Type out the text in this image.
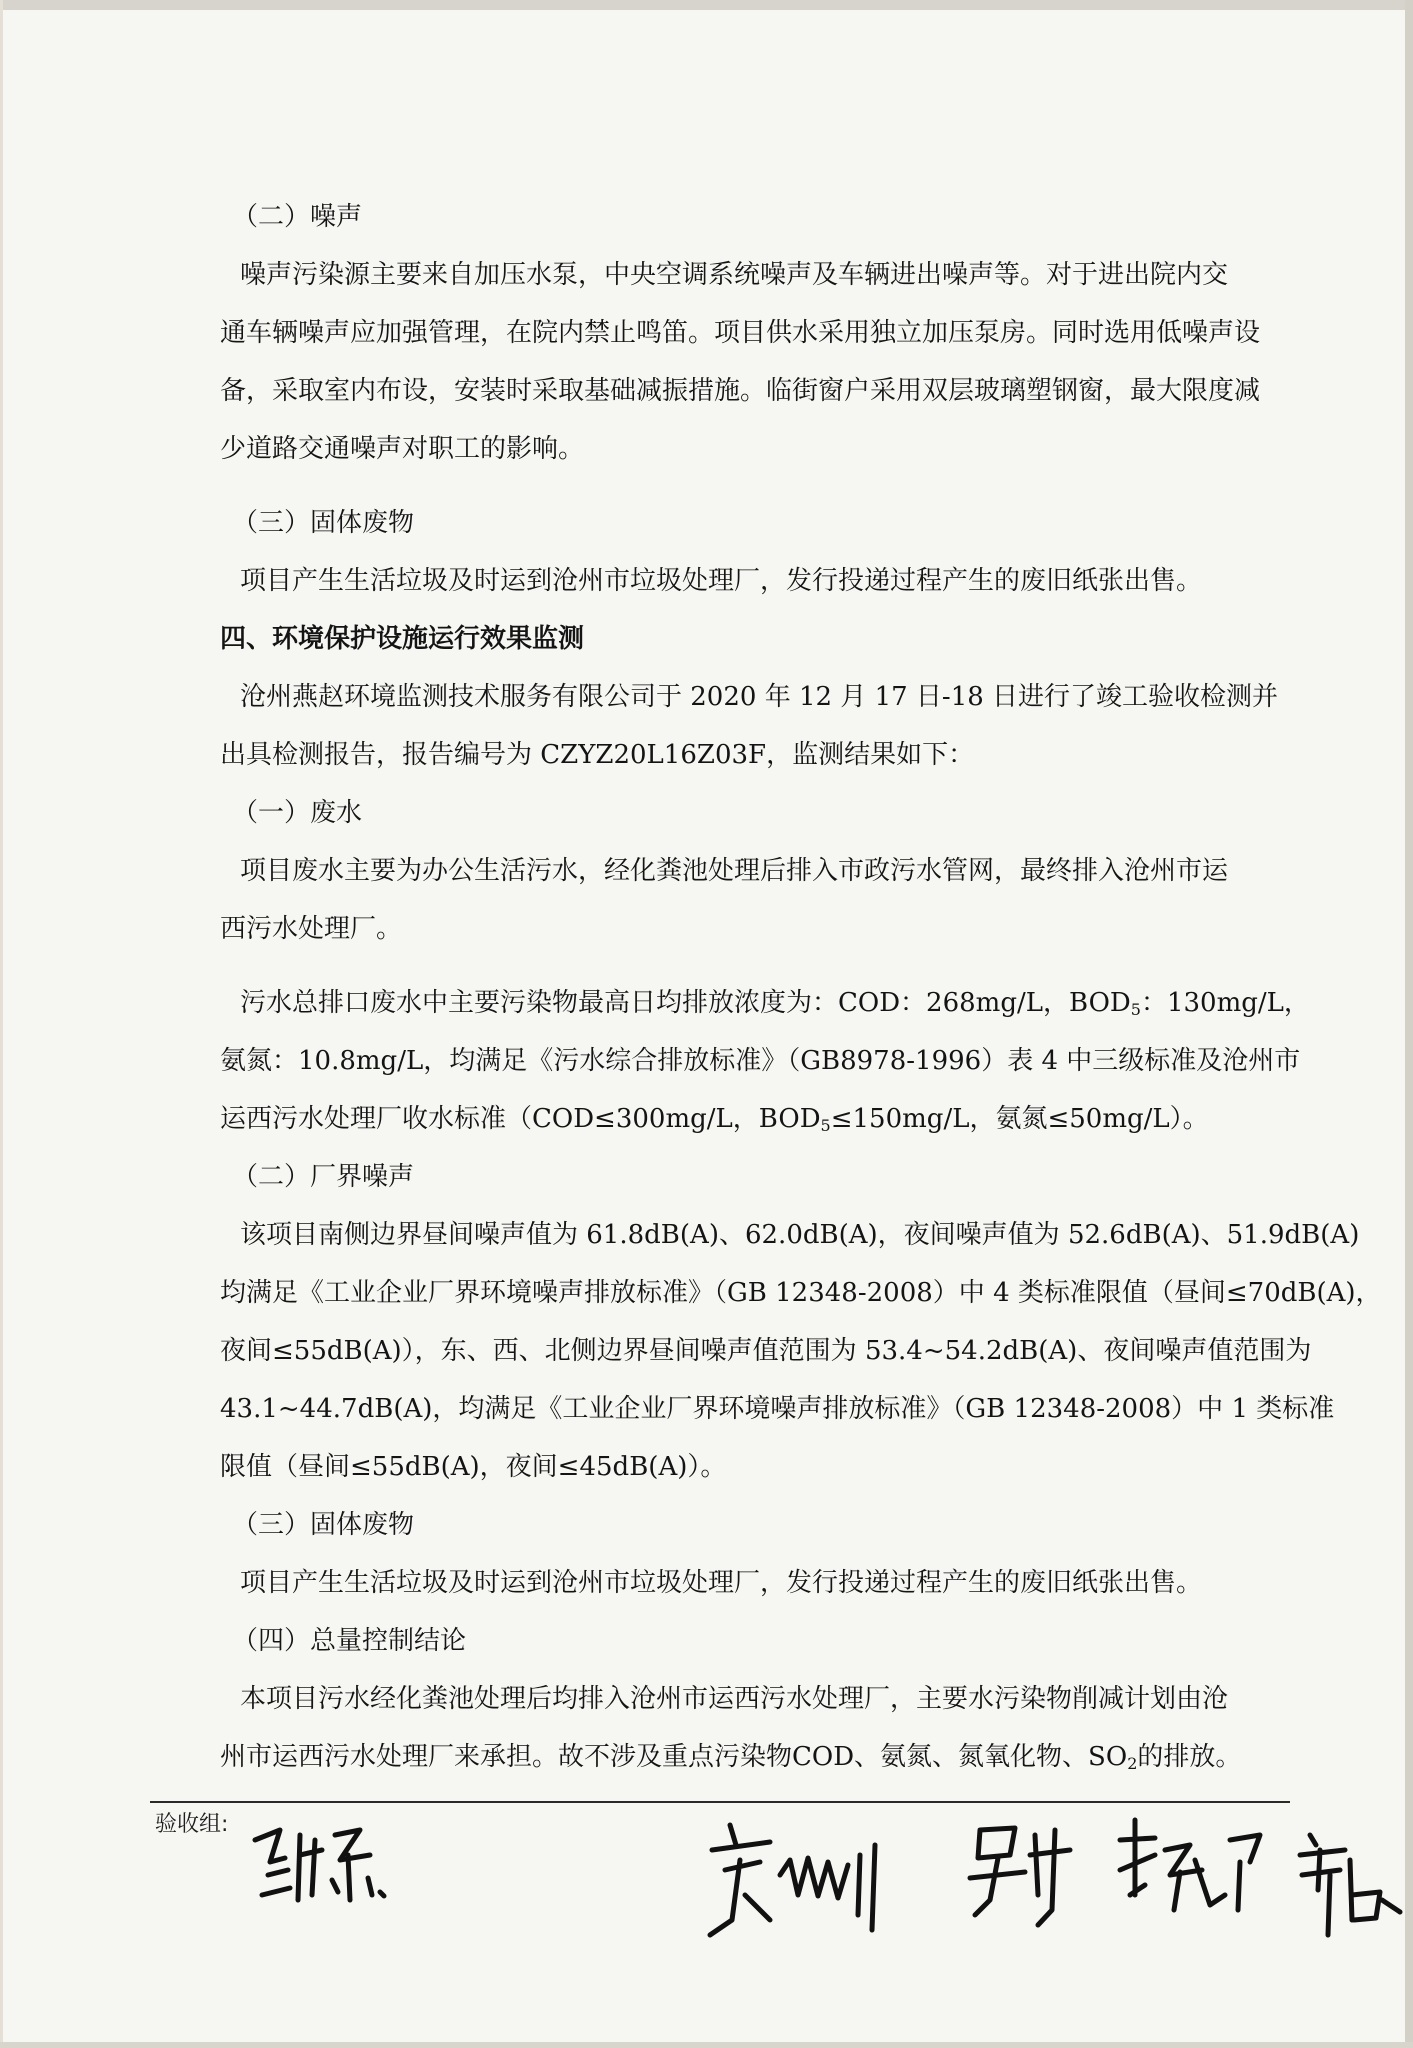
（二）噪声
噪声污染源主要来自加压水泵，中央空调系统噪声及车辆进出噪声等。对于进出院内交
通车辆噪声应加强管理，在院内禁止鸣笛。项目供水采用独立加压泵房。同时选用低噪声设
备，采取室内布设，安装时采取基础减振措施。临街窗户采用双层玻璃塑钢窗，最大限度减
少道路交通噪声对职工的影响。
（三）固体废物
项目产生生活垃圾及时运到沧州市垃圾处理厂，发行投递过程产生的废旧纸张出售。
四、环境保护设施运行效果监测
沧州燕赵环境监测技术服务有限公司于 2020 年 12 月 17 日-18 日进行了竣工验收检测并
出具检测报告，报告编号为 CZYZ20L16Z03F，监测结果如下：
（一）废水
项目废水主要为办公生活污水，经化粪池处理后排入市政污水管网，最终排入沧州市运
西污水处理厂。
污水总排口废水中主要污染物最高日均排放浓度为：COD：268mg/L，$BOD_5$：130mg/L，
氨氮：10.8mg/L，均满足《污水综合排放标准》（GB8978-1996）表 4 中三级标准及沧州市
运西污水处理厂收水标准（COD≤300mg/L，$BOD_5\le 150mg/L$，氨氮≤50mg/L）。
（二）厂界噪声
该项目南侧边界昼间噪声值为 61.8dB(A)、62.0dB(A)，夜间噪声值为 52.6dB(A)、51.9dB(A)
均满足《工业企业厂界环境噪声排放标准》（GB 12348-2008）中 4 类标准限值（昼间≤70dB(A)，
夜间≤55dB(A)），东、西、北侧边界昼间噪声值范围为 53.4~54.2dB(A)、夜间噪声值范围为
43.1~44.7dB(A)，均满足《工业企业厂界环境噪声排放标准》（GB 12348-2008）中 1 类标准
限值（昼间≤55dB(A)，夜间≤45dB(A)）。
（三）固体废物
项目产生生活垃圾及时运到沧州市垃圾处理厂，发行投递过程产生的废旧纸张出售。
（四）总量控制结论
本项目污水经化粪池处理后均排入沧州市运西污水处理厂，主要水污染物削减计划由沧
州市运西污水处理厂来承担。故不涉及重点污染物COD、氨氮、氮氧化物、$SO_2$的排放。
验收组:
